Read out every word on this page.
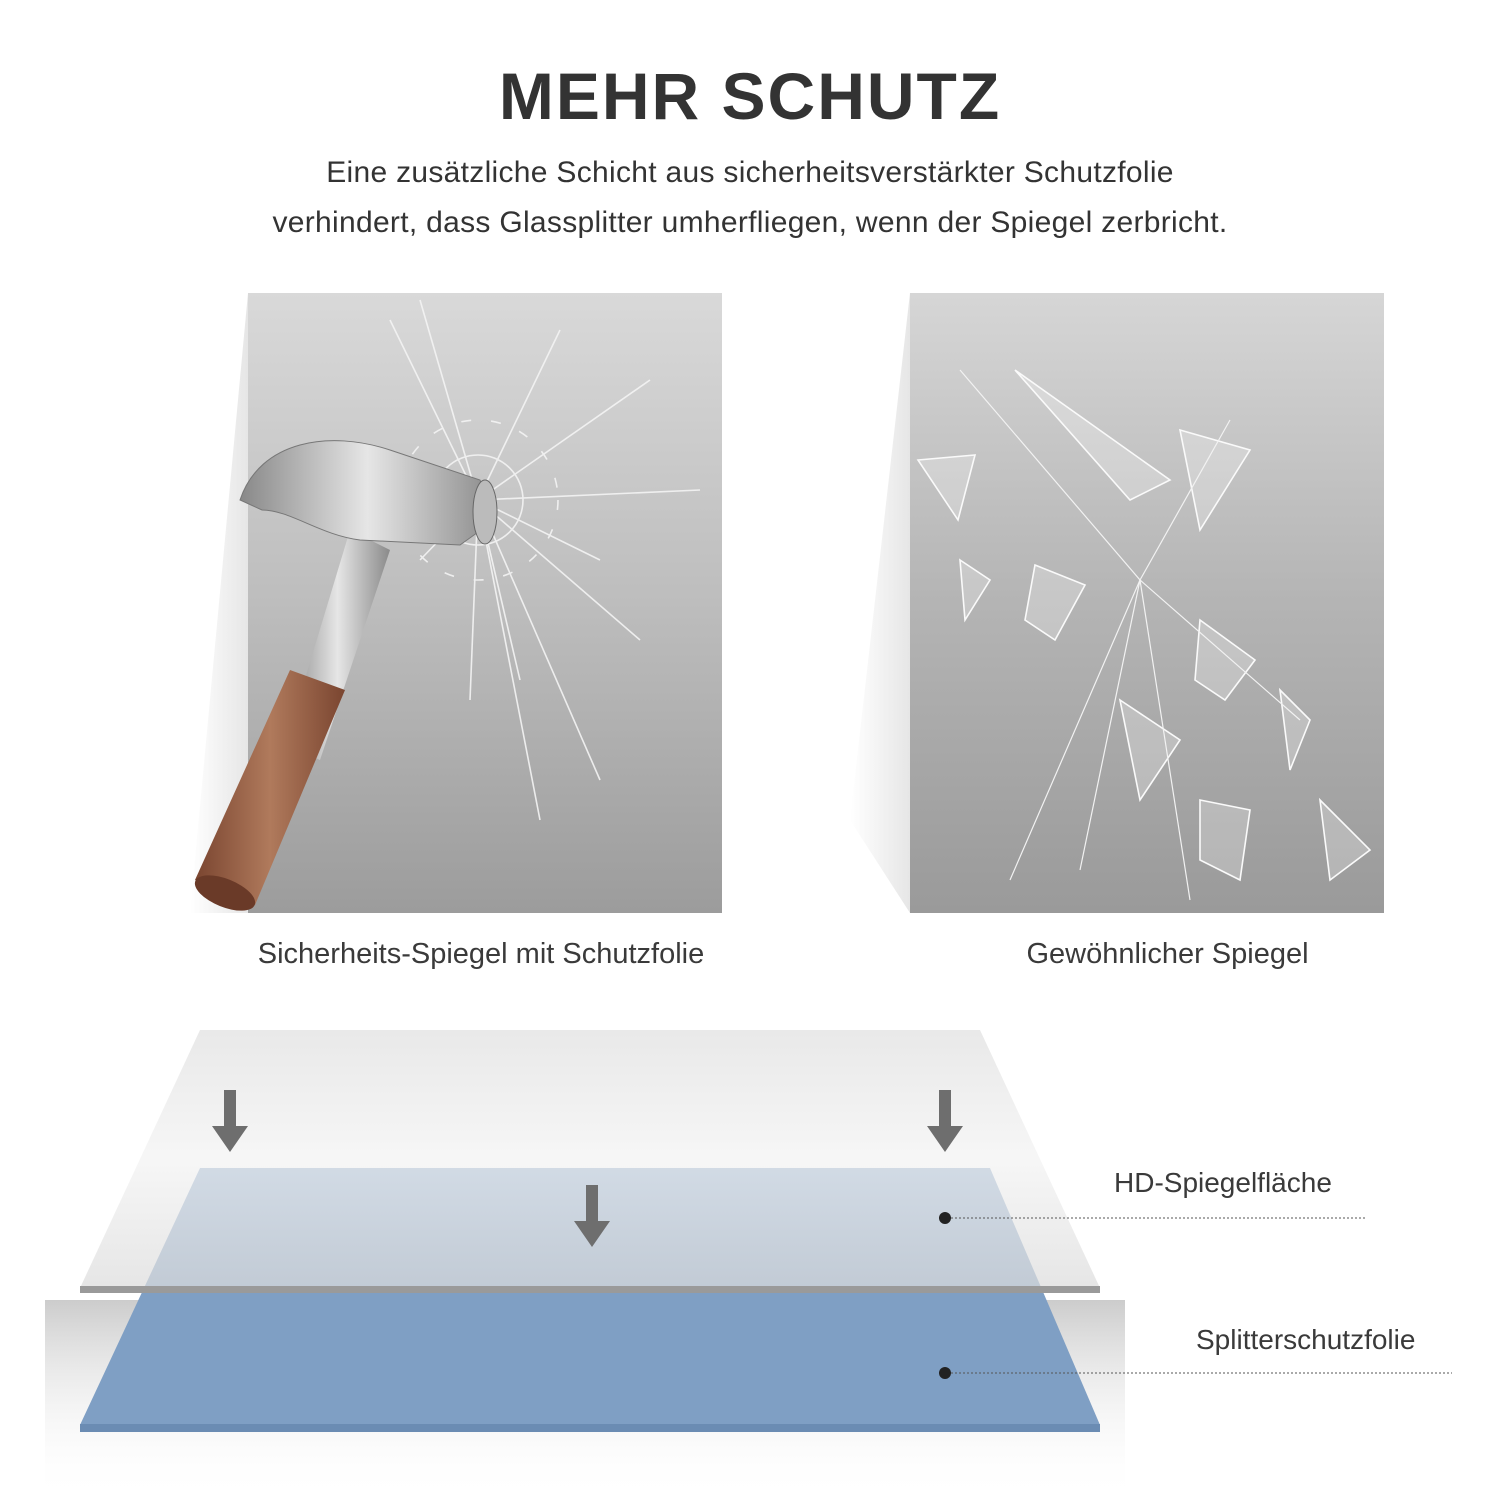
MEHR SCHUTZ
Eine zusätzliche Schicht aus sicherheitsverstärkter Schutzfolie
verhindert, dass Glassplitter umherfliegen, wenn der Spiegel zerbricht.
Sicherheits-Spiegel mit Schutzfolie	Gewöhnlicher Spiegel
HD-Spiegelfläche
Splitterschutzfolie
